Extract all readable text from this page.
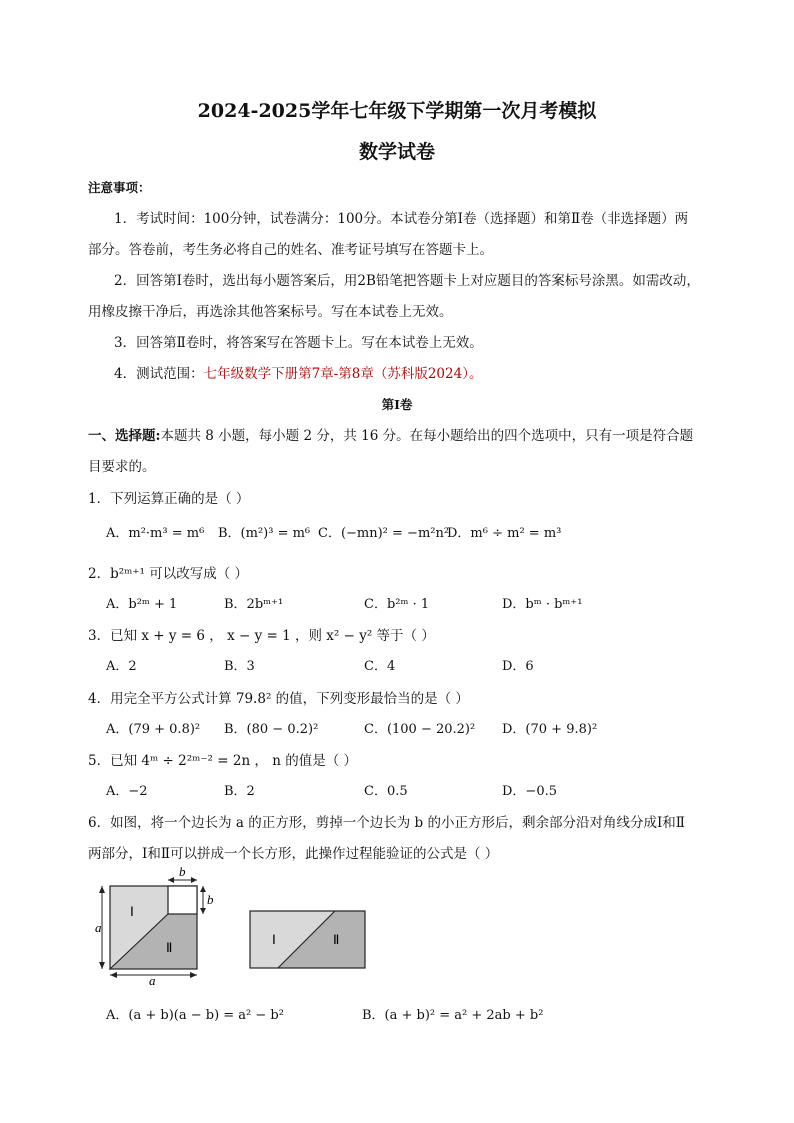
2024-2025学年七年级下学期第一次月考模拟
数学试卷
注意事项：
1．考试时间：100分钟，试卷满分：100分。本试卷分第Ⅰ卷（选择题）和第Ⅱ卷（非选择题）两
部分。答卷前，考生务必将自己的姓名、准考证号填写在答题卡上。
2．回答第Ⅰ卷时，选出每小题答案后，用2B铅笔把答题卡上对应题目的答案标号涂黑。如需改动，
用橡皮擦干净后，再选涂其他答案标号。写在本试卷上无效。
3．回答第Ⅱ卷时，将答案写在答题卡上。写在本试卷上无效。
4．测试范围：七年级数学下册第7章-第8章（苏科版2024）。
第Ⅰ卷
一、选择题:本题共 8 小题，每小题 2 分，共 16 分。在每小题给出的四个选项中，只有一项是符合题
目要求的。
1．下列运算正确的是（ ）
A．m²·m³ = m⁶ B．(m²)³ = m⁶ C．(−mn)² = −m²n²
D．m⁶ ÷ m² = m³
2．b²ᵐ⁺¹ 可以改写成（ ）
A．b²ᵐ + 1	B．2bᵐ⁺¹	C．b²ᵐ · 1	D．bᵐ · bᵐ⁺¹
3．已知 x + y = 6 ， x − y = 1 ，则 x² − y² 等于（ ）
A．2	B．3	C．4	D．6
4．用完全平方公式计算 79.8² 的值，下列变形最恰当的是（ ）
A．(79 + 0.8)² B．(80 − 0.2)²	C．(100 − 20.2)² D．(70 + 9.8)²
5．已知 4ᵐ ÷ 2²ᵐ⁻² = 2n ， n 的值是（ ）
A．−2	B．2	C．0.5	D．−0.5
6．如图，将一个边长为 a 的正方形，剪掉一个边长为 b 的小正方形后，剩余部分沿对角线分成Ⅰ和Ⅱ
两部分，Ⅰ和Ⅱ可以拼成一个长方形，此操作过程能验证的公式是（ ）
a
a
b
b
Ⅰ
Ⅱ
Ⅰ	Ⅱ
A．(a + b)(a − b) = a² − b²	B．(a + b)² = a² + 2ab + b²
